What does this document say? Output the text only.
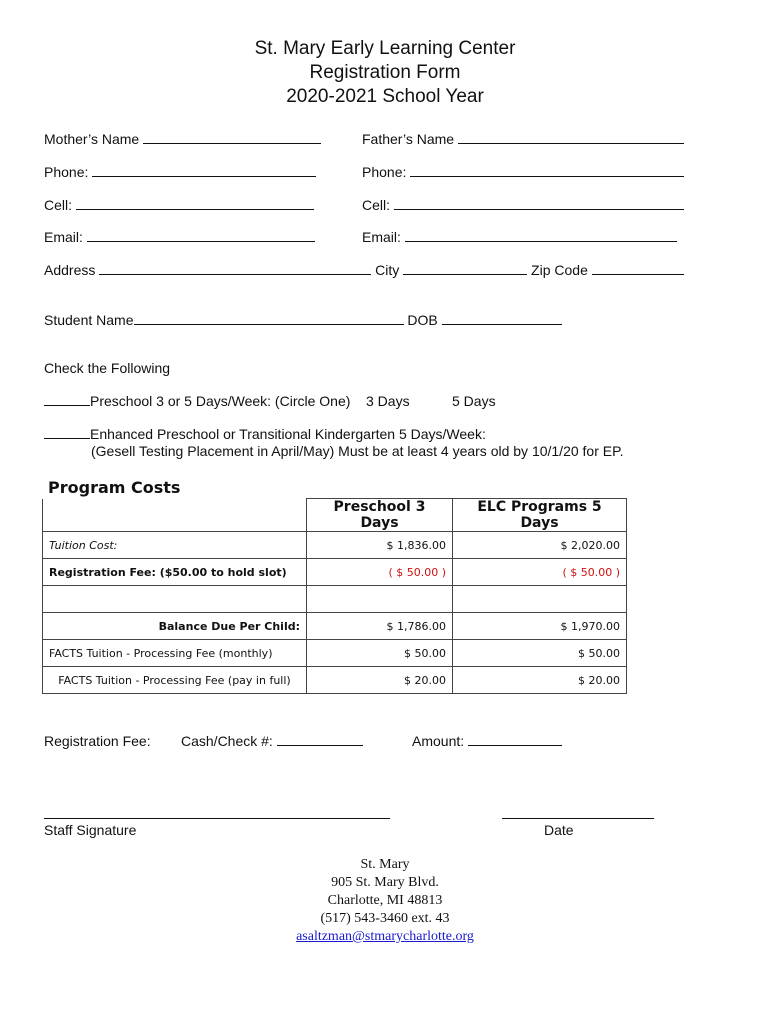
St. Mary Early Learning Center
Registration Form
2020-2021 School Year
Mother’s Name	Father’s Name
Phone:	Phone:
Cell:	Cell:
Email:	Email:
Address	City	Zip Code
Student Name	DOB
Check the Following
Preschool 3 or 5 Days/Week: (Circle One) 3 Days	5 Days
Enhanced Preschool or Transitional Kindergarten 5 Days/Week:
(Gesell Testing Placement in April/May) Must be at least 4 years old by 10/1/20 for EP.
Program Costs
	Preschool 3 Days	ELC Programs 5 Days
Tuition Cost:	$ 1,836.00	$ 2,020.00
Registration Fee: ($50.00 to hold slot)	( $ 50.00 )	( $ 50.00 )

Balance Due Per Child:	$ 1,786.00	$ 1,970.00
FACTS Tuition - Processing Fee (monthly)	$ 50.00	$ 50.00
FACTS Tuition - Processing Fee (pay in full)	$ 20.00	$ 20.00
Registration Fee: Cash/Check #:	Amount:
Staff Signature	Date
St. Mary
905 St. Mary Blvd.
Charlotte, MI 48813
(517) 543-3460 ext. 43
asaltzman@stmarycharlotte.org
